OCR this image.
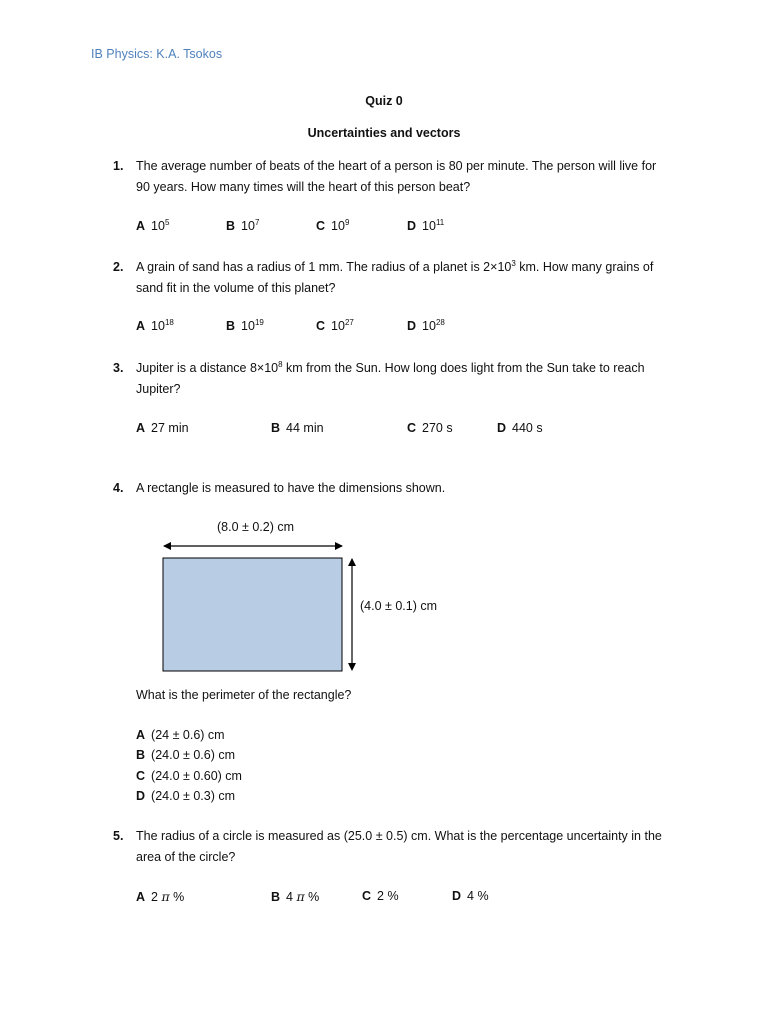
IB Physics: K.A. Tsokos
Quiz 0
Uncertainties and vectors
1. The average number of beats of the heart of a person is 80 per minute. The person will live for
90 years. How many times will the heart of this person beat?
A $10^5$	B $10^7$	C $10^9$	D $10^{11}$
2. A grain of sand has a radius of 1 mm. The radius of a planet is $2\times 10^3$ km. How many grains of
sand fit in the volume of this planet?
A $10^{18}$	B $10^{19}$	C $10^{27}$	D $10^{28}$
3. Jupiter is a distance $8\times 10^8$ km from the Sun. How long does light from the Sun take to reach
Jupiter?
A 27 min	B 44 min	C 270 s	D 440 s
4. A rectangle is measured to have the dimensions shown.
(8.0 ± 0.2) cm
(4.0 ± 0.1) cm
What is the perimeter of the rectangle?
A (24 ± 0.6) cm
B (24.0 ± 0.6) cm
C (24.0 ± 0.60) cm
D (24.0 ± 0.3) cm
5. The radius of a circle is measured as (25.0 ± 0.5) cm. What is the percentage uncertainty in the
area of the circle?
A 2 π %	B 4 π %	C 2 %	D 4 %
